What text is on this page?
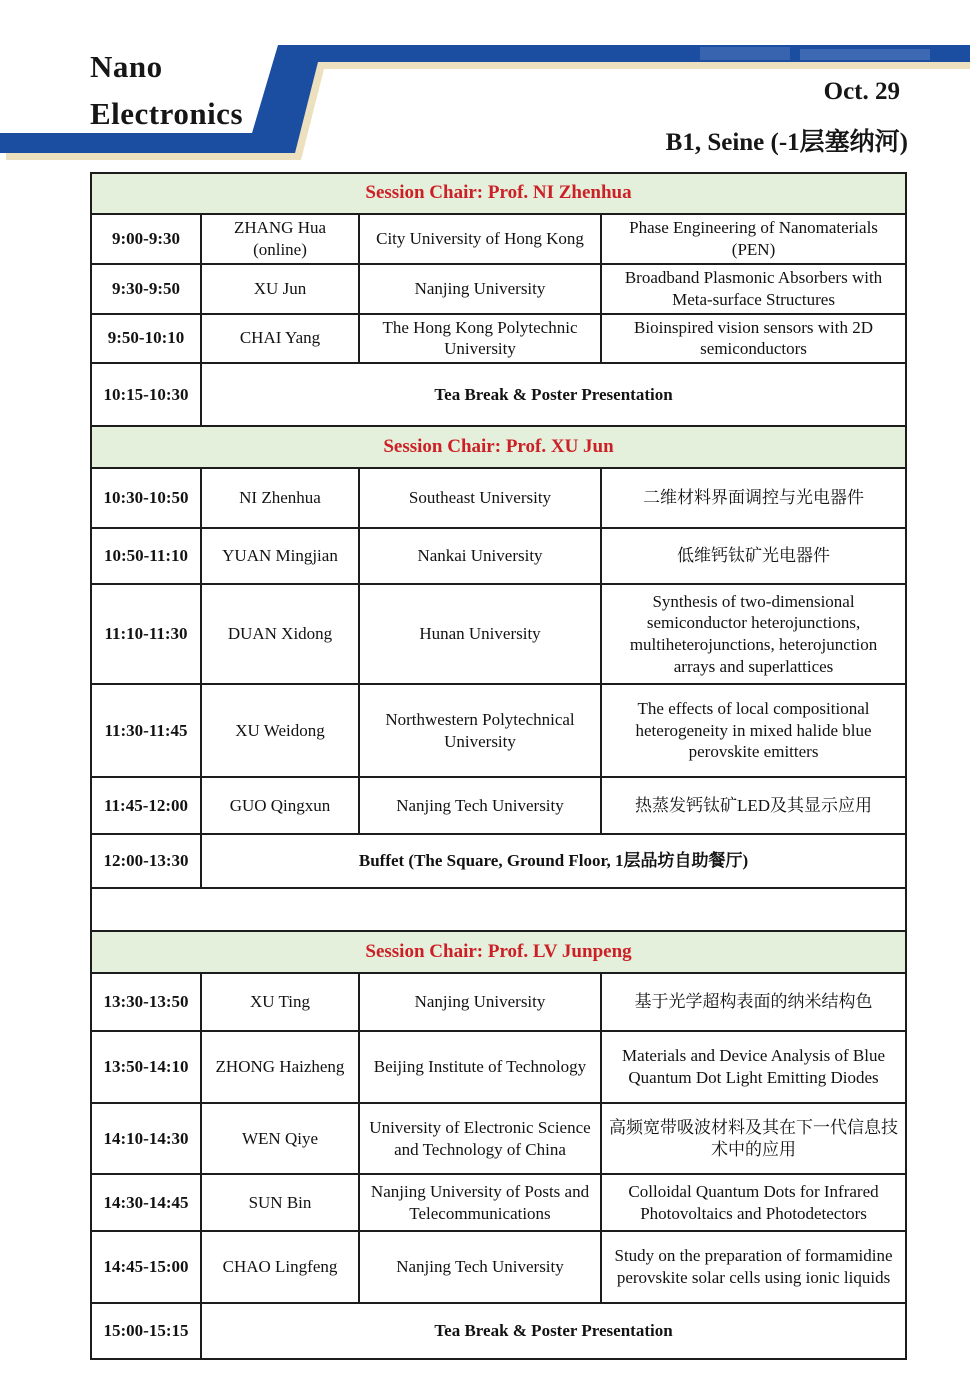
Nano
Electronics
Oct. 29
B1, Seine (-1层塞纳河)
Session Chair: Prof. NI Zhenhua			
9:00-9:30	ZHANG Hua (online)	City University of Hong Kong	Phase Engineering of Nanomaterials (PEN)
9:30-9:50	XU Jun	Nanjing University	Broadband Plasmonic Absorbers with Meta-surface Structures
9:50-10:10	CHAI Yang	The Hong Kong Polytechnic University	Bioinspired vision sensors with 2D semiconductors
10:15-10:30	Tea Break & Poster Presentation		
Session Chair: Prof. XU Jun			
10:30-10:50	NI Zhenhua	Southeast University	二维材料界面调控与光电器件
10:50-11:10	YUAN Mingjian	Nankai University	低维钙钛矿光电器件
11:10-11:30	DUAN Xidong	Hunan University	Synthesis of two-dimensional semiconductor heterojunctions, multiheterojunctions, heterojunction arrays and superlattices
11:30-11:45	XU Weidong	Northwestern Polytechnical University	The effects of local compositional heterogeneity in mixed halide blue perovskite emitters
11:45-12:00	GUO Qingxun	Nanjing Tech University	热蒸发钙钛矿LED及其显示应用
12:00-13:30	Buffet (The Square, Ground Floor, 1层品坊自助餐厅)		

Session Chair: Prof. LV Junpeng			
13:30-13:50	XU Ting	Nanjing University	基于光学超构表面的纳米结构色
13:50-14:10	ZHONG Haizheng	Beijing Institute of Technology	Materials and Device Analysis of Blue Quantum Dot Light Emitting Diodes
14:10-14:30	WEN Qiye	University of Electronic Science and Technology of China	高频宽带吸波材料及其在下一代信息技术中的应用
14:30-14:45	SUN Bin	Nanjing University of Posts and Telecommunications	Colloidal Quantum Dots for Infrared Photovoltaics and Photodetectors
14:45-15:00	CHAO Lingfeng	Nanjing Tech University	Study on the preparation of formamidine perovskite solar cells using ionic liquids
15:00-15:15	Tea Break & Poster Presentation		
